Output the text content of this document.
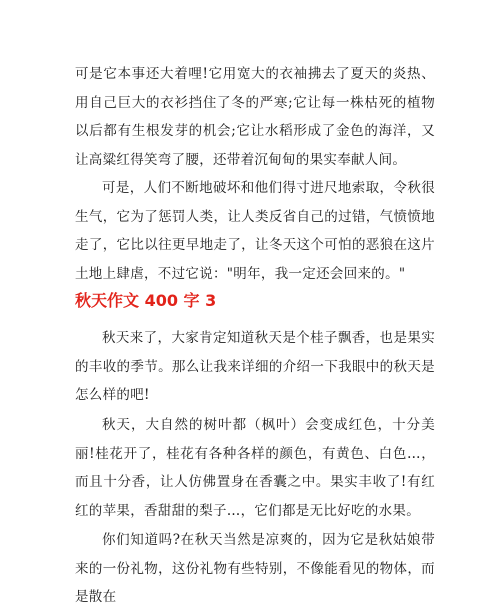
可是它本事还大着哩!它用宽大的衣袖拂去了夏天的炎热、用自己巨大的衣衫挡住了冬的严寒;它让每一株枯死的植物以后都有生根发芽的机会;它让水稻形成了金色的海洋，又让高粱红得笑弯了腰，还带着沉甸甸的果实奉献人间。

可是，人们不断地破坏和他们得寸进尺地索取，令秋很生气，它为了惩罚人类，让人类反省自己的过错，气愤愤地走了，它比以往更早地走了，让冬天这个可怕的恶狼在这片土地上肆虐，不过它说："明年，我一定还会回来的。"

秋天作文 400 字 3

秋天来了，大家肯定知道秋天是个桂子飘香，也是果实的丰收的季节。那么让我来详细的介绍一下我眼中的秋天是怎么样的吧!

秋天，大自然的树叶都（枫叶）会变成红色，十分美丽!桂花开了，桂花有各种各样的颜色，有黄色、白色…，而且十分香，让人仿佛置身在香囊之中。果实丰收了!有红红的苹果，香甜甜的梨子…，它们都是无比好吃的水果。

你们知道吗?在秋天当然是凉爽的，因为它是秋姑娘带来的一份礼物，这份礼物有些特别，不像能看见的物体，而是散在
